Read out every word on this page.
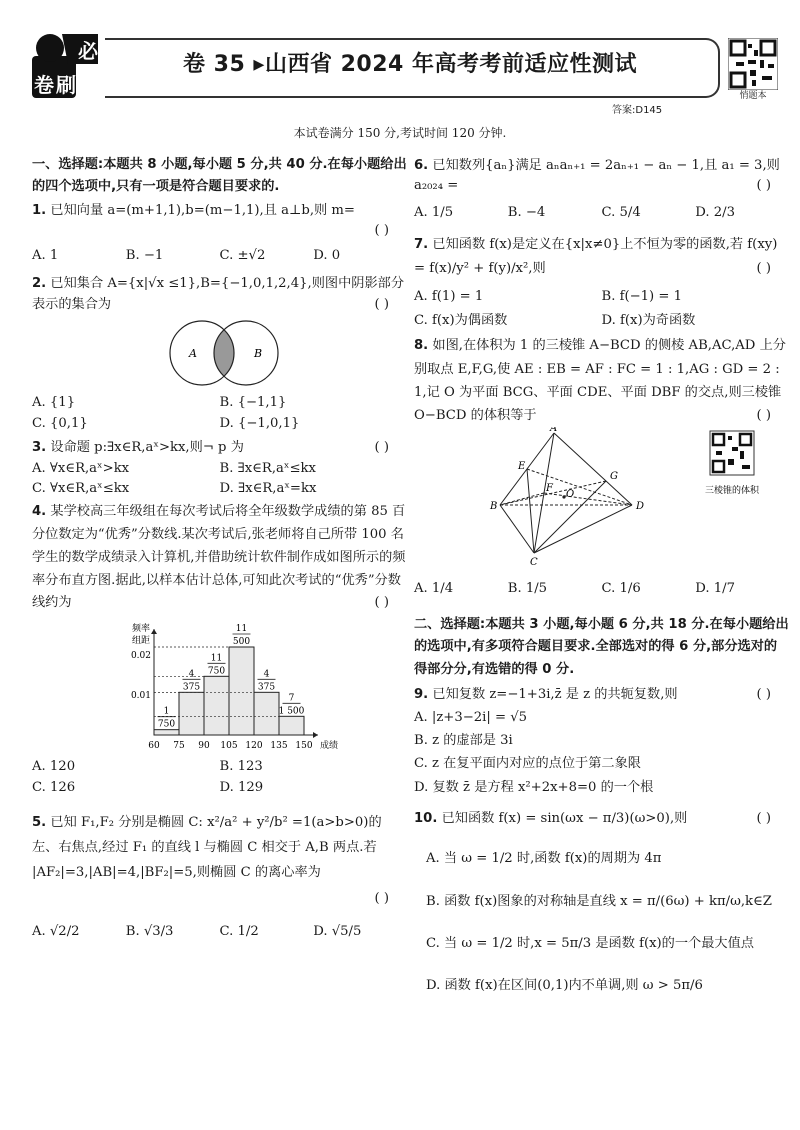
必
卷 刷
卷 35 ▸山西省 2024 年高考考前适应性测试
答案:D145
悄题本
本试卷满分 150 分,考试时间 120 分钟.
一、选择题:本题共 8 小题,每小题 5 分,共 40 分.在每小题给出的四个选项中,只有一项是符合题目要求的.
1. 已知向量 a=(m+1,1),b=(m−1,1),且 a⊥b,则 m=
( )
A. 1	B. −1	C. ±√2	D. 0
2. 已知集合 A={x|√x ≤1},B={−1,0,1,2,4},则图中阴影部分表示的集合为	( )
A	B
A. {1}	B. {−1,1}
C. {0,1}	D. {−1,0,1}
3. 设命题 p:∃x∈R,aˣ>kx,则¬ p 为	( )
A. ∀x∈R,aˣ>kx	B. ∃x∈R,aˣ≤kx
C. ∀x∈R,aˣ≤kx	D. ∃x∈R,aˣ=kx
4. 某学校高三年级组在每次考试后将全年级数学成绩的第 85 百分位数定为“优秀”分数线.某次考试后,张老师将自己所带 100 名学生的数学成绩录入计算机,并借助统计软件制作成如图所示的频率分布直方图.据此,以样本估计总体,可知此次考试的“优秀”分数线约为	( )
频率
组距
0.01
0.02
1
750
4
375
11
750
11
500
4
375
7
1 500
60 75 90 105 120 135 150 成绩
A. 120	B. 123
C. 126	D. 129
5. 已知 F₁,F₂ 分别是椭圆 C: x²/a² + y²/b² =1(a>b>0)的左、右焦点,经过 F₁ 的直线 l 与椭圆 C 相交于 A,B 两点.若 |AF₂|=3,|AB|=4,|BF₂|=5,则椭圆 C 的离心率为
( )
A. √2/2	B. √3/3	C. 1/2	D. √5/5
6. 已知数列{aₙ}满足 aₙaₙ₊₁ = 2aₙ₊₁ − aₙ − 1,且 a₁ = 3,则 a₂₀₂₄ =	( )
A. 1/5	B. −4	C. 5/4	D. 2/3
7. 已知函数 f(x)是定义在{x|x≠0}上不恒为零的函数,若 f(xy) = f(x)/y² + f(y)/x²,则	( )
A. f(1) = 1	B. f(−1) = 1
C. f(x)为偶函数	D. f(x)为奇函数
8. 如图,在体积为 1 的三棱锥 A−BCD 的侧棱 AB,AC,AD 上分别取点 E,F,G,使 AE : EB = AF : FC = 1 : 1,AG : GD = 2 : 1,记 O 为平面 BCG、平面 CDE、平面 DBF 的交点,则三棱锥 O−BCD 的体积等于	( )
A
B
C
D
E
F
G
O	三棱锥的体积
A. 1/4	B. 1/5	C. 1/6	D. 1/7
二、选择题:本题共 3 小题,每小题 6 分,共 18 分.在每小题给出的选项中,有多项符合题目要求.全部选对的得 6 分,部分选对的得部分分,有选错的得 0 分.
9. 已知复数 z=−1+3i,z̄ 是 z 的共轭复数,则	( )
A. |z+3−2i| = √5
B. z 的虚部是 3i
C. z 在复平面内对应的点位于第二象限
D. 复数 z̄ 是方程 x²+2x+8=0 的一个根
10. 已知函数 f(x) = sin(ωx − π/3)(ω>0),则	( )
A. 当 ω = 1/2 时,函数 f(x)的周期为 4π
B. 函数 f(x)图象的对称轴是直线 x = π/(6ω) + kπ/ω,k∈Z
C. 当 ω = 1/2 时,x = 5π/3 是函数 f(x)的一个最大值点
D. 函数 f(x)在区间(0,1)内不单调,则 ω > 5π/6
